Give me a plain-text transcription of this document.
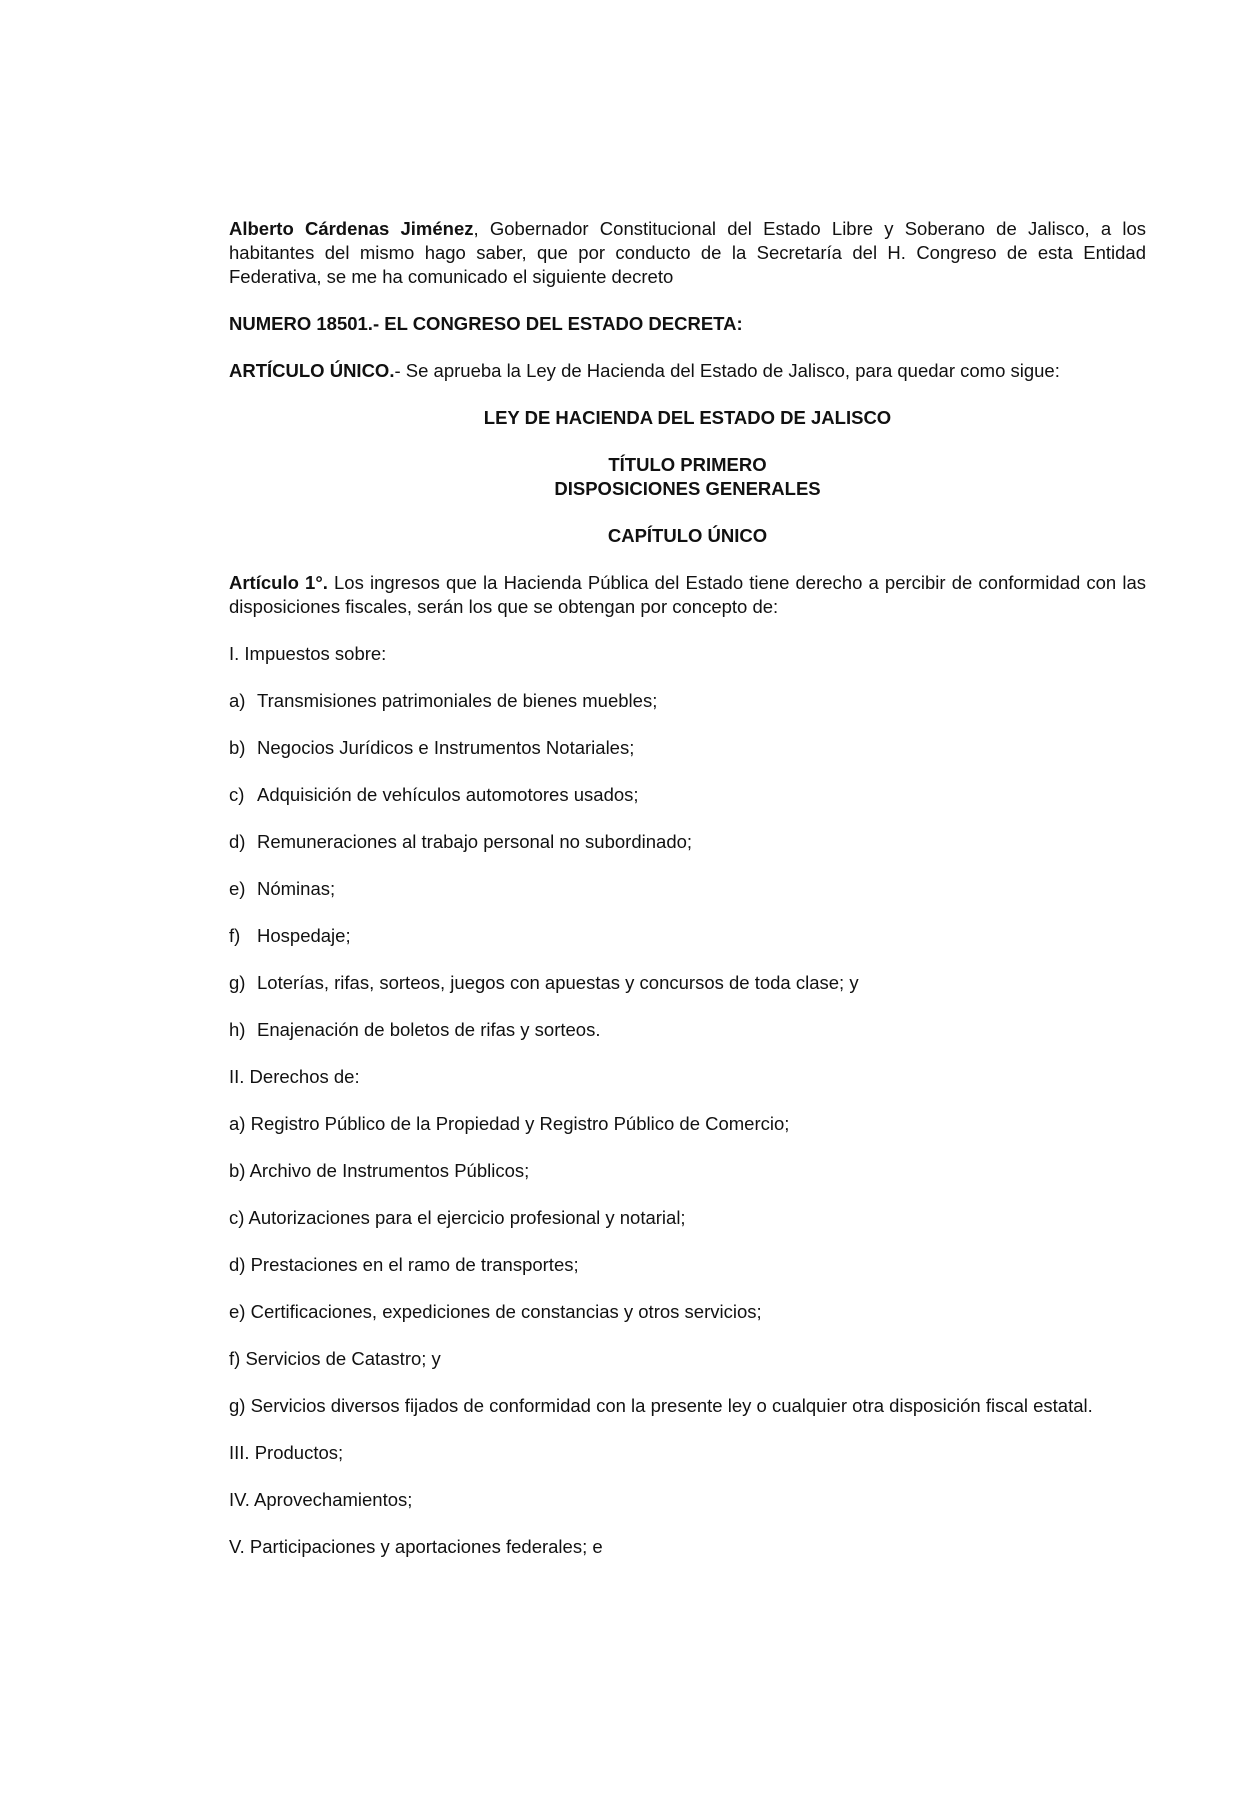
Alberto Cárdenas Jiménez, Gobernador Constitucional del Estado Libre y Soberano de Jalisco, a los habitantes del mismo hago saber, que por conducto de la Secretaría del H. Congreso de esta Entidad Federativa, se me ha comunicado el siguiente decreto

NUMERO 18501.- EL CONGRESO DEL ESTADO DECRETA:

ARTÍCULO ÚNICO.- Se aprueba la Ley de Hacienda del Estado de Jalisco, para quedar como sigue:

LEY DE HACIENDA DEL ESTADO DE JALISCO

TÍTULO PRIMERO

DISPOSICIONES GENERALES

CAPÍTULO ÚNICO

Artículo 1°. Los ingresos que la Hacienda Pública del Estado tiene derecho a percibir de conformidad con las disposiciones fiscales, serán los que se obtengan por concepto de:

I. Impuestos sobre:

a) Transmisiones patrimoniales de bienes muebles;
b) Negocios Jurídicos e Instrumentos Notariales;
c) Adquisición de vehículos automotores usados;
d) Remuneraciones al trabajo personal no subordinado;
e) Nóminas;
f) Hospedaje;
g) Loterías, rifas, sorteos, juegos con apuestas y concursos de toda clase; y
h) Enajenación de boletos de rifas y sorteos.

II. Derechos de:

a) Registro Público de la Propiedad y Registro Público de Comercio;

b) Archivo de Instrumentos Públicos;

c) Autorizaciones para el ejercicio profesional y notarial;

d) Prestaciones en el ramo de transportes;

e) Certificaciones, expediciones de constancias y otros servicios;

f) Servicios de Catastro; y

g) Servicios diversos fijados de conformidad con la presente ley o cualquier otra disposición fiscal estatal.

III. Productos;

IV. Aprovechamientos;

V. Participaciones y aportaciones federales; e
